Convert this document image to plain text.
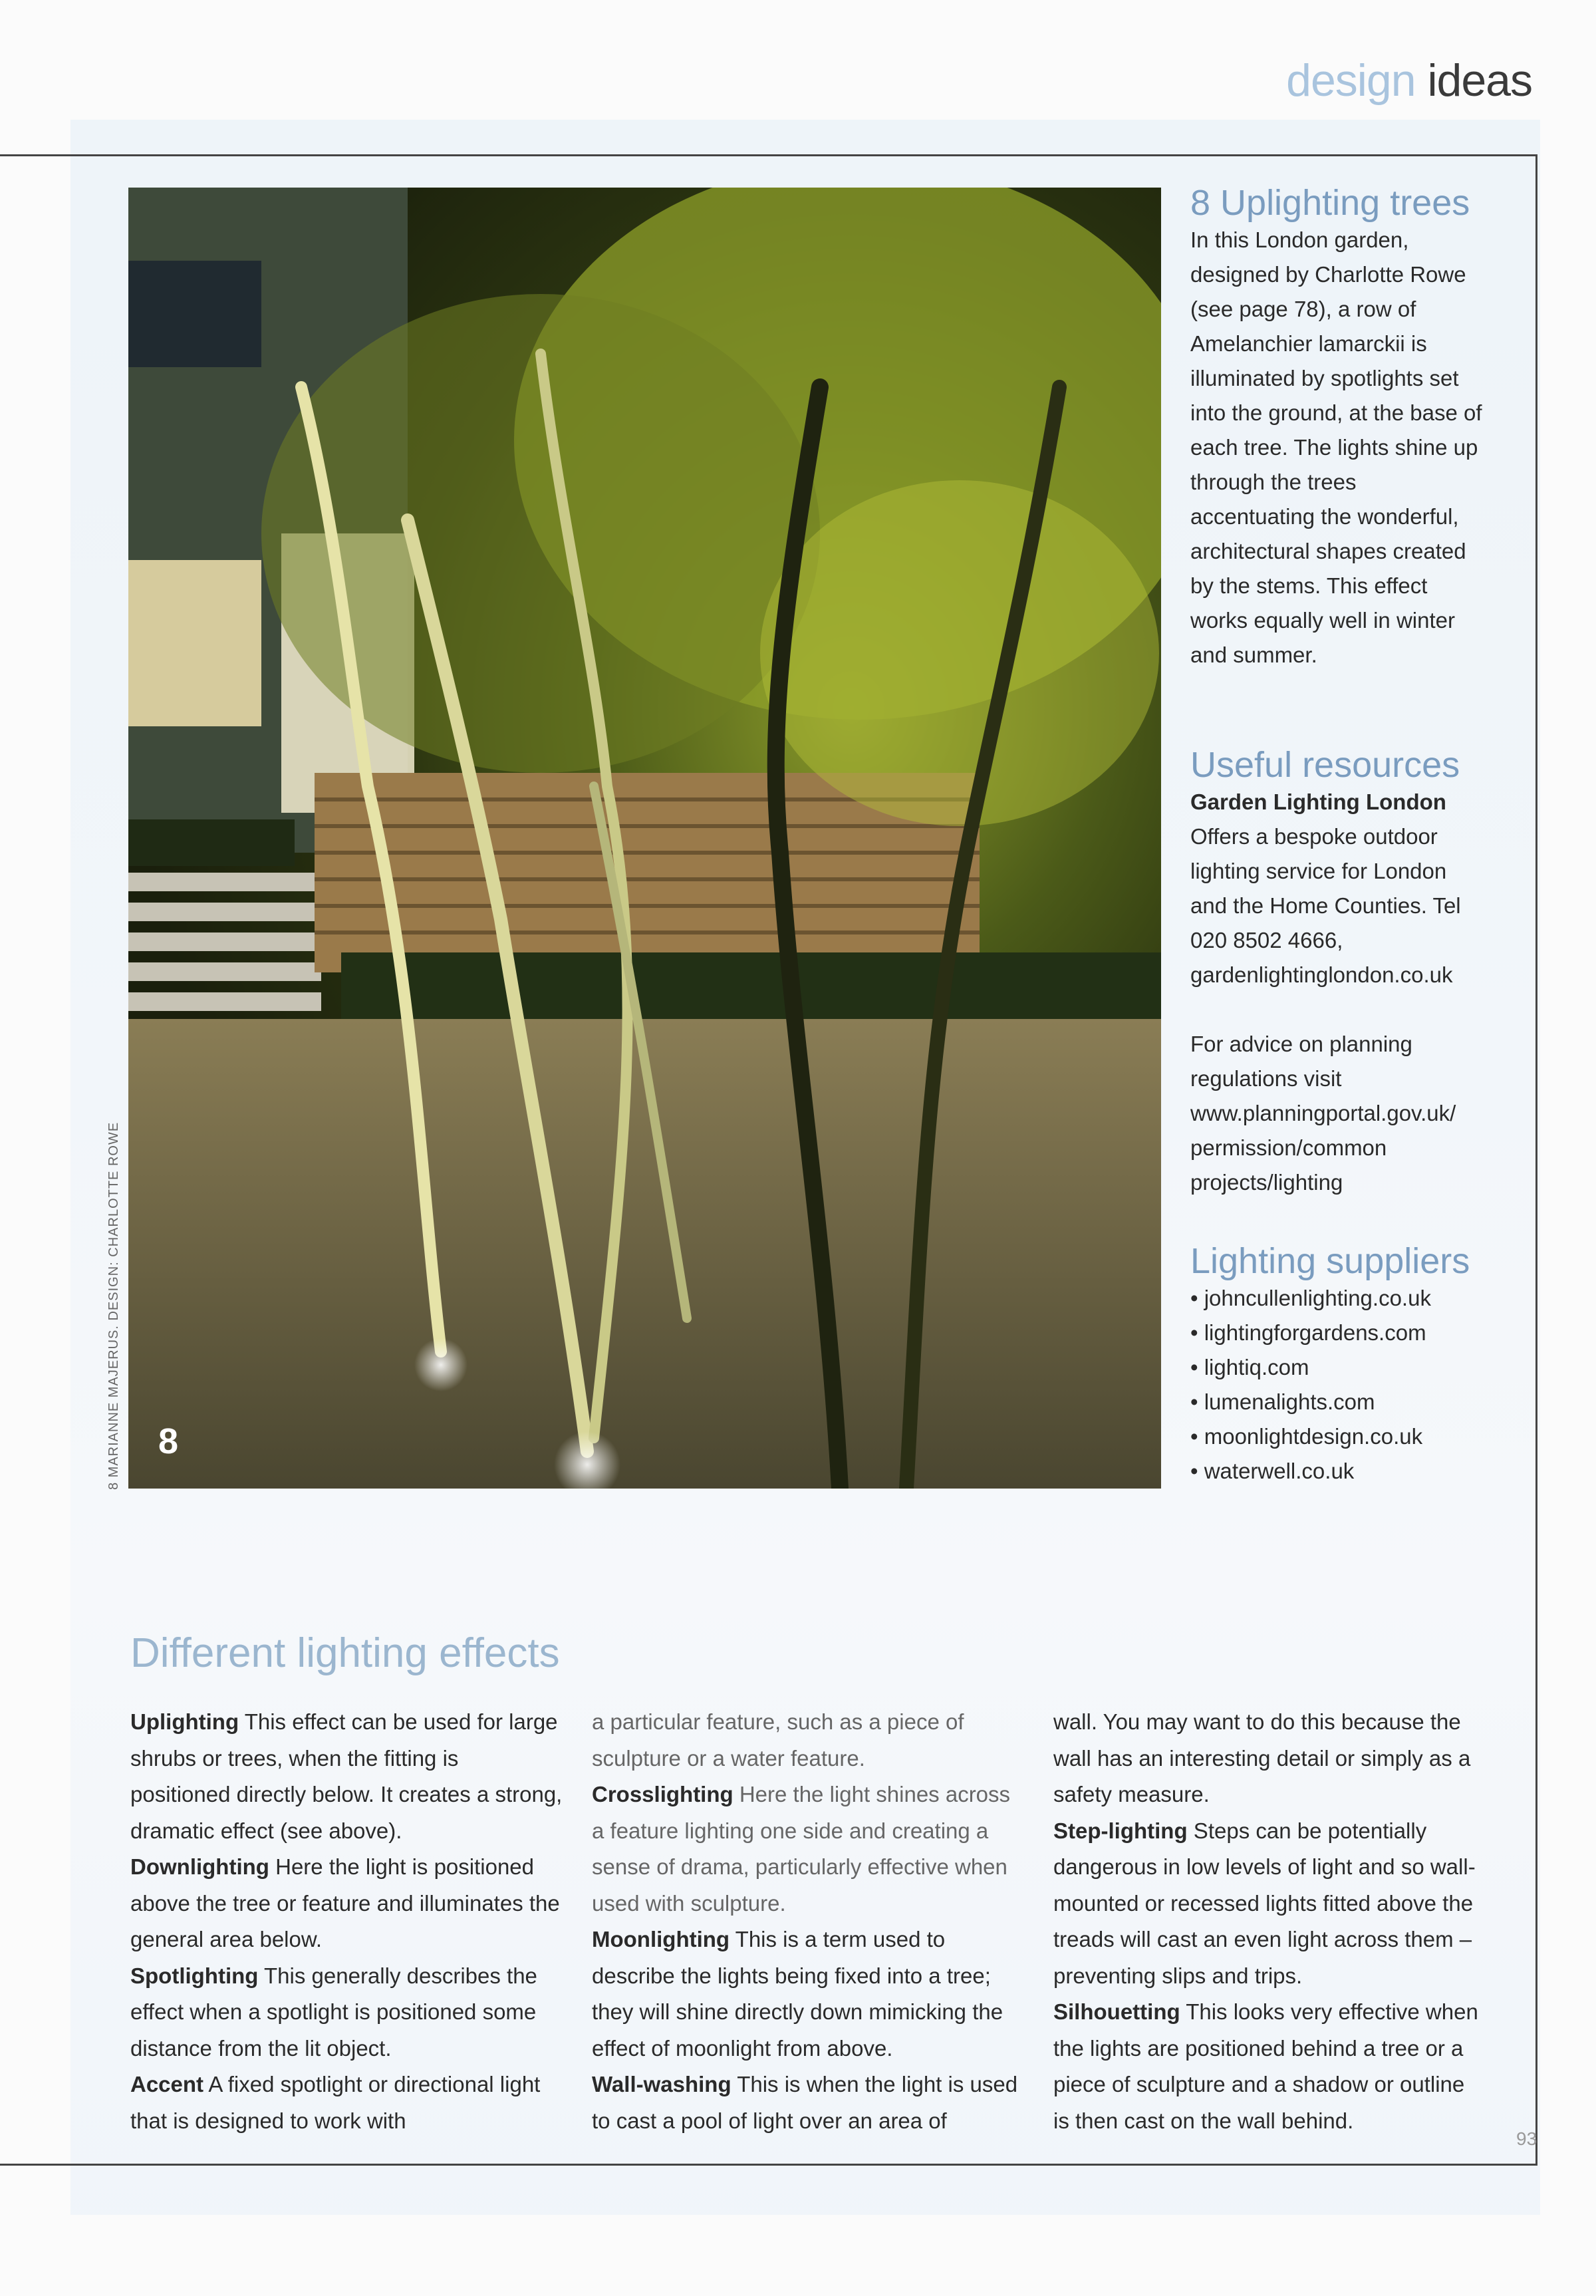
design ideas
8
8 MARIANNE MAJERUS. DESIGN: CHARLOTTE ROWE
8 Uplighting trees

In this London garden, designed by Charlotte Rowe (see page 78), a row of Amelanchier lamarckii is illuminated by spotlights set into the ground, at the base of each tree. The lights shine up through the trees accentuating the wonderful, architectural shapes created by the stems. This effect works equally well in winter and summer.

Useful resources

Garden Lighting London

Offers a bespoke outdoor lighting service for London and the Home Counties. Tel 020 8502 4666, gardenlightinglondon.co.uk

For advice on planning regulations visit www.planningportal.gov.uk/ permission/common projects/lighting

Lighting suppliers
• johncullenlighting.co.uk
• lightingforgardens.com
• lightiq.com
• lumenalights.com
• moonlightdesign.co.uk
• waterwell.co.uk
Different lighting effects

Uplighting This effect can be used for large shrubs or trees, when the fitting is positioned directly below. It creates a strong, dramatic effect (see above).

Downlighting Here the light is positioned above the tree or feature and illuminates the general area below.

Spotlighting This generally describes the effect when a spotlight is positioned some distance from the lit object.

Accent A fixed spotlight or directional light that is designed to work with

a particular feature, such as a piece of sculpture or a water feature.

Crosslighting Here the light shines across a feature lighting one side and creating a sense of drama, particularly effective when used with sculpture.

Moonlighting This is a term used to describe the lights being fixed into a tree; they will shine directly down mimicking the effect of moonlight from above.

Wall-washing This is when the light is used to cast a pool of light over an area of

wall. You may want to do this because the wall has an interesting detail or simply as a safety measure.

Step-lighting Steps can be potentially dangerous in low levels of light and so wall-mounted or recessed lights fitted above the treads will cast an even light across them – preventing slips and trips.

Silhouetting This looks very effective when the lights are positioned behind a tree or a piece of sculpture and a shadow or outline is then cast on the wall behind.

93
